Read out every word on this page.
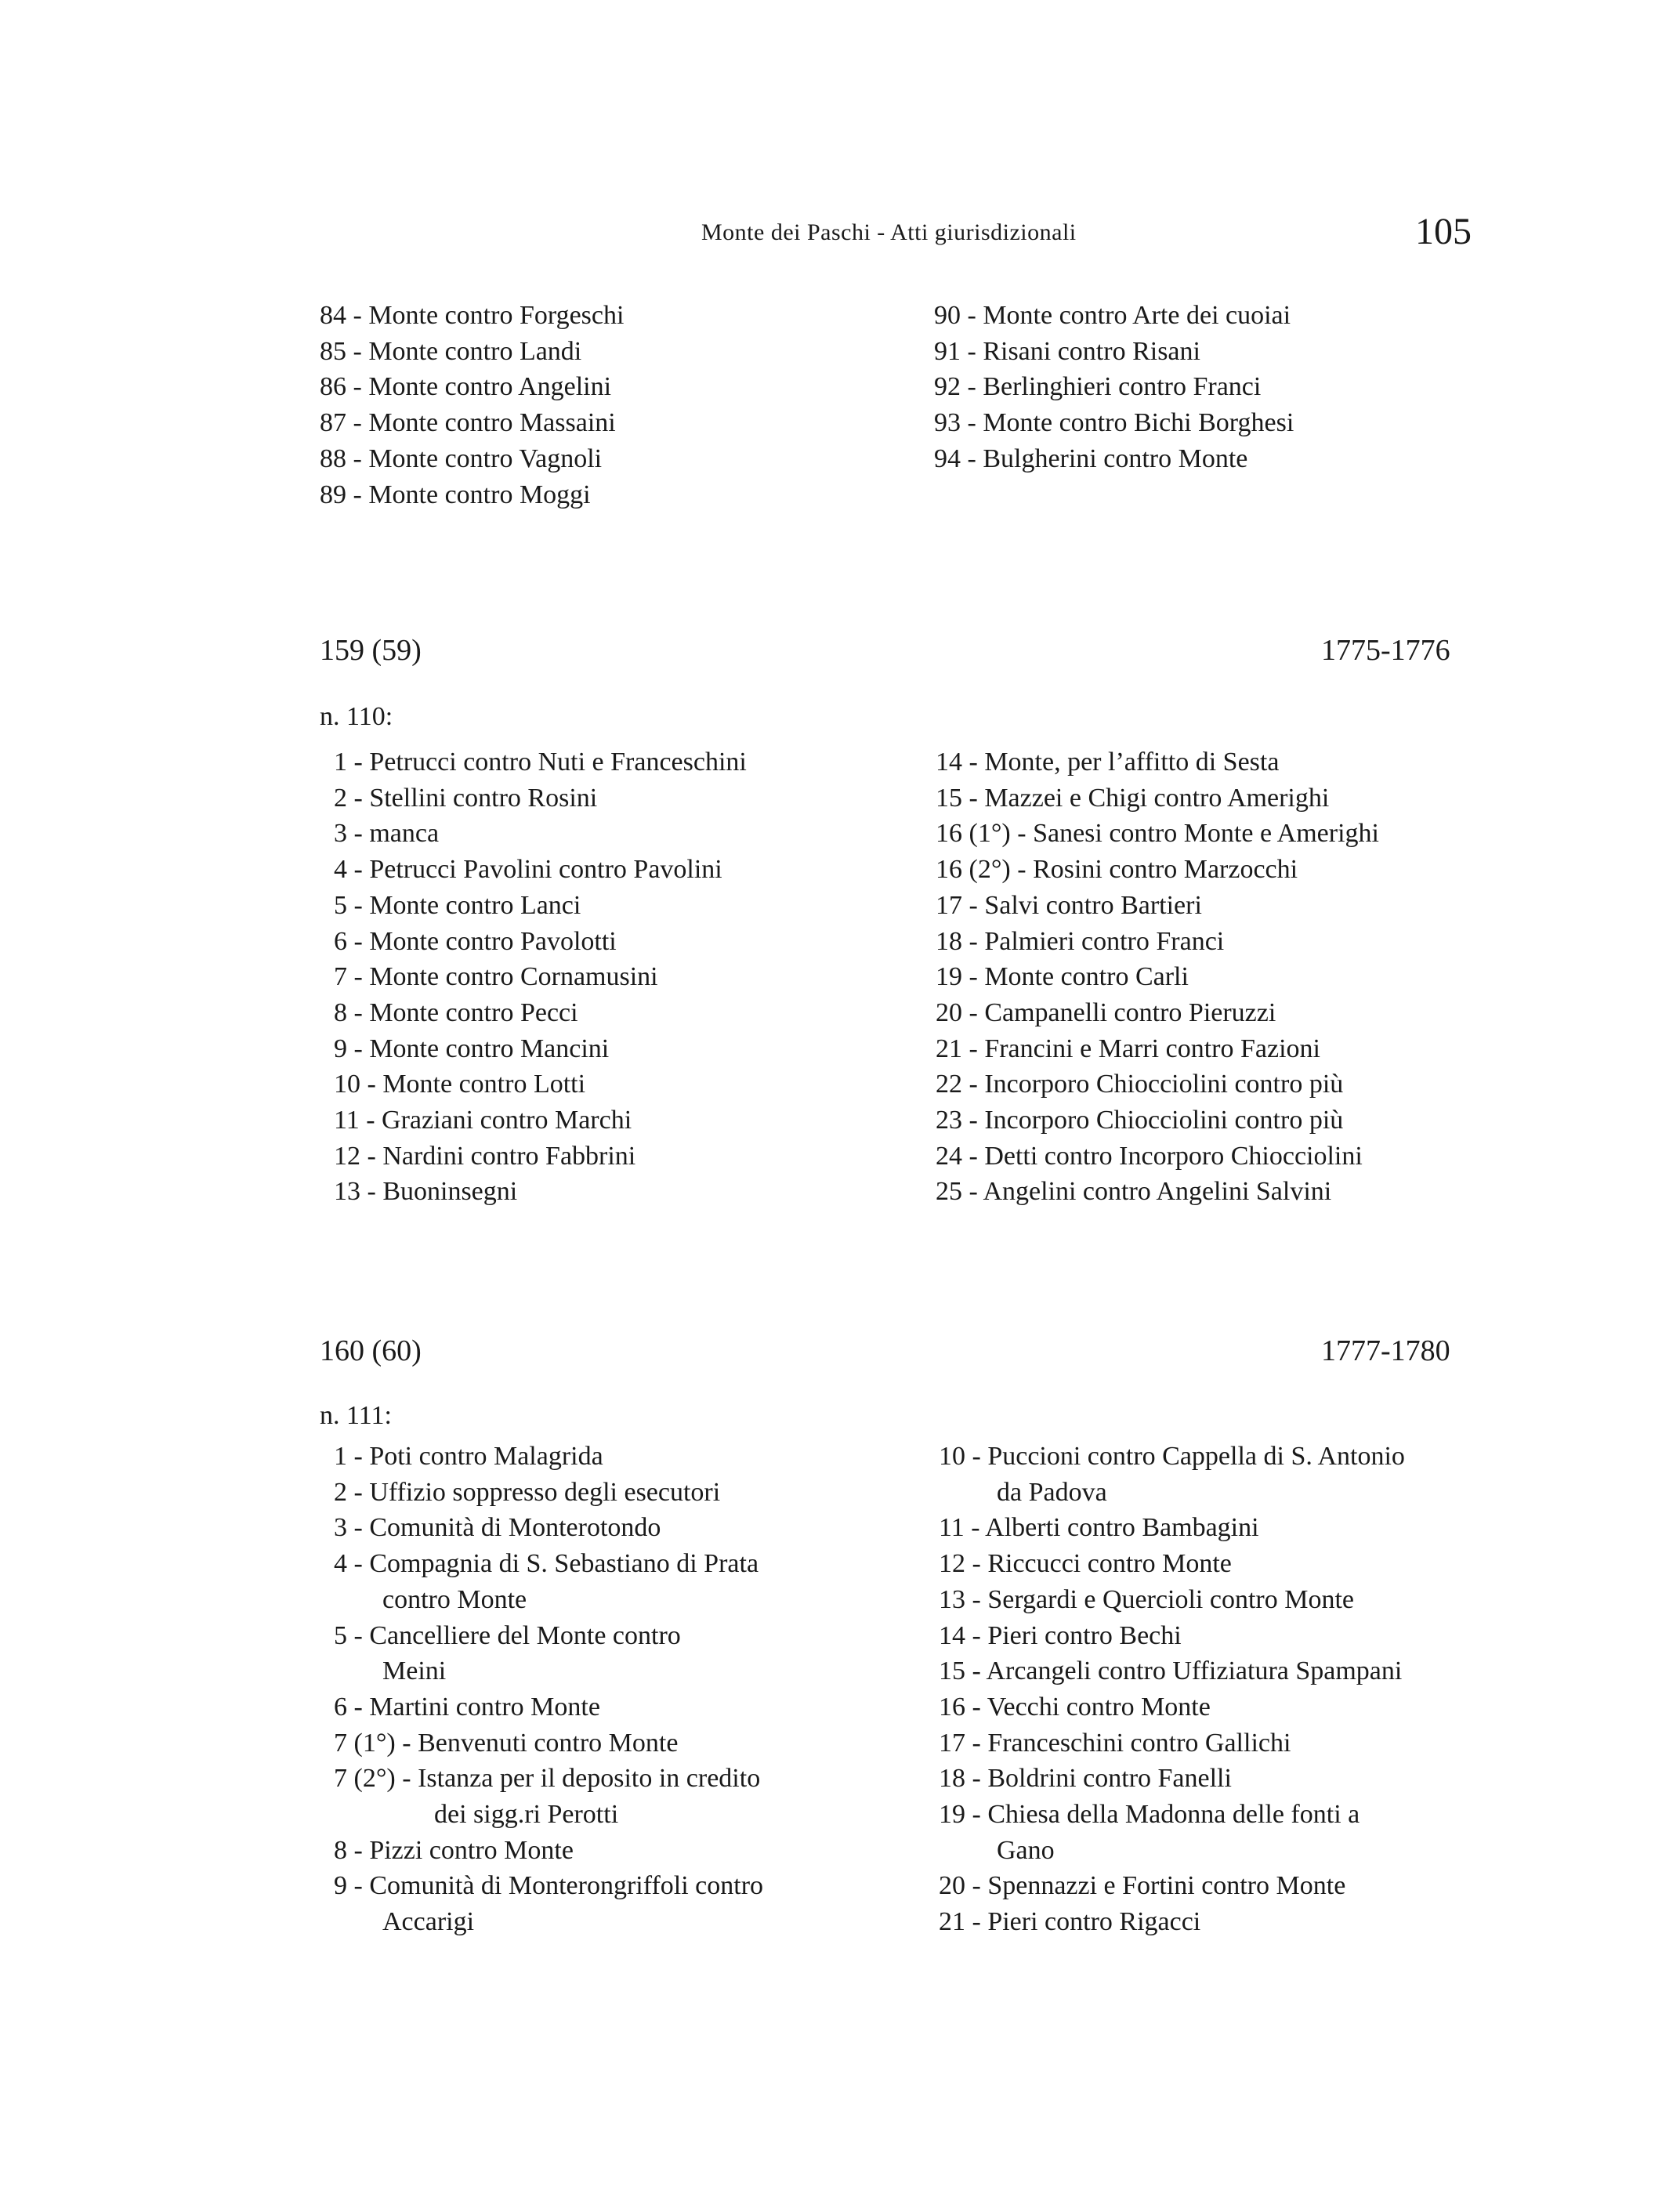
Monte dei Paschi - Atti giurisdizionali	105
84 - Monte contro Forgeschi
85 - Monte contro Landi
86 - Monte contro Angelini
87 - Monte contro Massaini
88 - Monte contro Vagnoli
89 - Monte contro Moggi
90 - Monte contro Arte dei cuoiai
91 - Risani contro Risani
92 - Berlinghieri contro Franci
93 - Monte contro Bichi Borghesi
94 - Bulgherini contro Monte
159 (59)	1775-1776
n. 110:
1 - Petrucci contro Nuti e Franceschini
2 - Stellini contro Rosini
3 - manca
4 - Petrucci Pavolini contro Pavolini
5 - Monte contro Lanci
6 - Monte contro Pavolotti
7 - Monte contro Cornamusini
8 - Monte contro Pecci
9 - Monte contro Mancini
10 - Monte contro Lotti
11 - Graziani contro Marchi
12 - Nardini contro Fabbrini
13 - Buoninsegni
14 - Monte, per l’affitto di Sesta
15 - Mazzei e Chigi contro Amerighi
16 (1°) - Sanesi contro Monte e Amerighi
16 (2°) - Rosini contro Marzocchi
17 - Salvi contro Bartieri
18 - Palmieri contro Franci
19 - Monte contro Carli
20 - Campanelli contro Pieruzzi
21 - Francini e Marri contro Fazioni
22 - Incorporo Chiocciolini contro più
23 - Incorporo Chiocciolini contro più
24 - Detti contro Incorporo Chiocciolini
25 - Angelini contro Angelini Salvini
160 (60)	1777-1780
n. 111:
1 - Poti contro Malagrida
2 - Uffizio soppresso degli esecutori
3 - Comunità di Monterotondo
4 - Compagnia di S. Sebastiano di Prata
contro Monte
5 - Cancelliere del Monte contro
Meini
6 - Martini contro Monte
7 (1°) - Benvenuti contro Monte
7 (2°) - Istanza per il deposito in credito
dei sigg.ri Perotti
8 - Pizzi contro Monte
9 - Comunità di Monterongriffoli contro
Accarigi
10 - Puccioni contro Cappella di S. Antonio
da Padova
11 - Alberti contro Bambagini
12 - Riccucci contro Monte
13 - Sergardi e Quercioli contro Monte
14 - Pieri contro Bechi
15 - Arcangeli contro Uffiziatura Spampani
16 - Vecchi contro Monte
17 - Franceschini contro Gallichi
18 - Boldrini contro Fanelli
19 - Chiesa della Madonna delle fonti a
Gano
20 - Spennazzi e Fortini contro Monte
21 - Pieri contro Rigacci
